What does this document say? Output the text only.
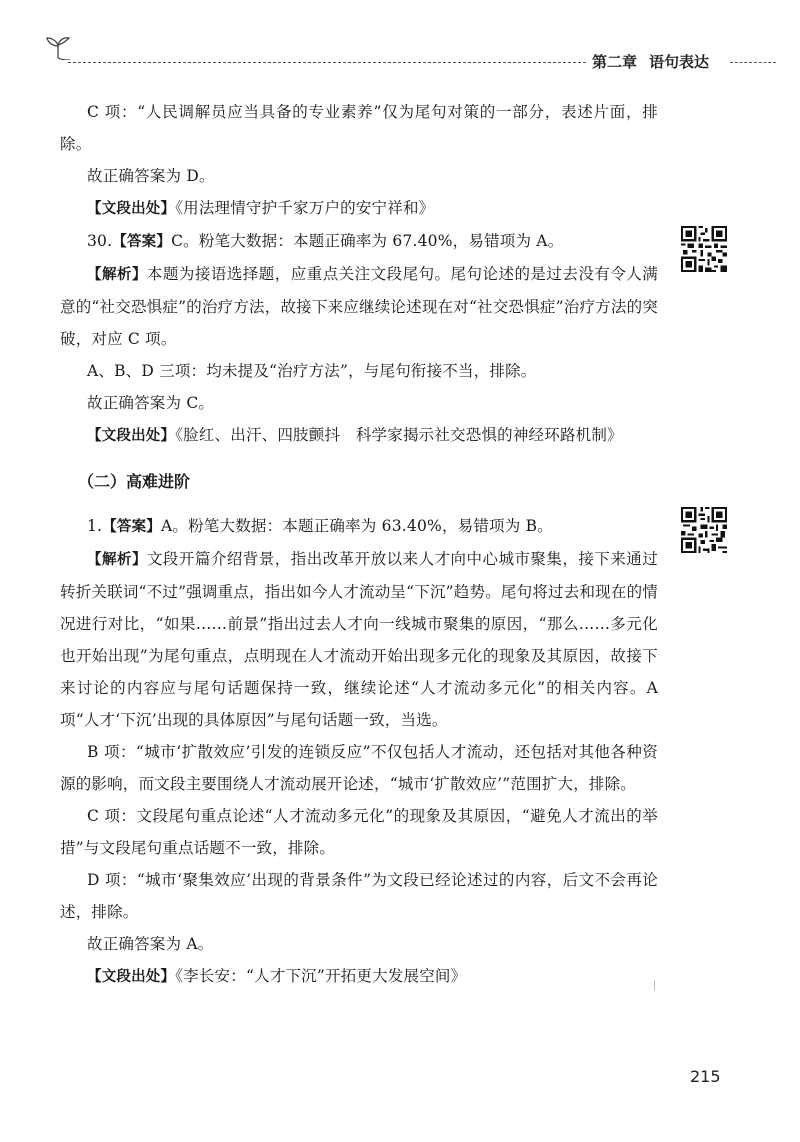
第二章 语句表达

C 项：“人民调解员应当具备的专业素养”仅为尾句对策的一部分，表述片面，排除。

故正确答案为 D。

【文段出处】《用法理情守护千家万户的安宁祥和》

30.【答案】C。粉笔大数据：本题正确率为 67.40%，易错项为 A。

【解析】本题为接语选择题，应重点关注文段尾句。尾句论述的是过去没有令人满意的“社交恐惧症”的治疗方法，故接下来应继续论述现在对“社交恐惧症”治疗方法的突破，对应 C 项。

A、B、D 三项：均未提及“治疗方法”，与尾句衔接不当，排除。

故正确答案为 C。

【文段出处】《脸红、出汗、四肢颤抖　科学家揭示社交恐惧的神经环路机制》

（二）高难进阶

1.【答案】A。粉笔大数据：本题正确率为 63.40%，易错项为 B。

【解析】文段开篇介绍背景，指出改革开放以来人才向中心城市聚集，接下来通过转折关联词“不过”强调重点，指出如今人才流动呈“下沉”趋势。尾句将过去和现在的情况进行对比，“如果……前景”指出过去人才向一线城市聚集的原因，“那么……多元化也开始出现”为尾句重点，点明现在人才流动开始出现多元化的现象及其原因，故接下来讨论的内容应与尾句话题保持一致，继续论述“人才流动多元化”的相关内容。A 项“人才‘下沉’出现的具体原因”与尾句话题一致，当选。

B 项：“城市‘扩散效应’引发的连锁反应”不仅包括人才流动，还包括对其他各种资源的影响，而文段主要围绕人才流动展开论述，“城市‘扩散效应’”范围扩大，排除。

C 项：文段尾句重点论述“人才流动多元化”的现象及其原因，“避免人才流出的举措”与文段尾句重点话题不一致，排除。

D 项：“城市‘聚集效应’出现的背景条件”为文段已经论述过的内容，后文不会再论述，排除。

故正确答案为 A。

【文段出处】《李长安：“人才下沉”开拓更大发展空间》

215
